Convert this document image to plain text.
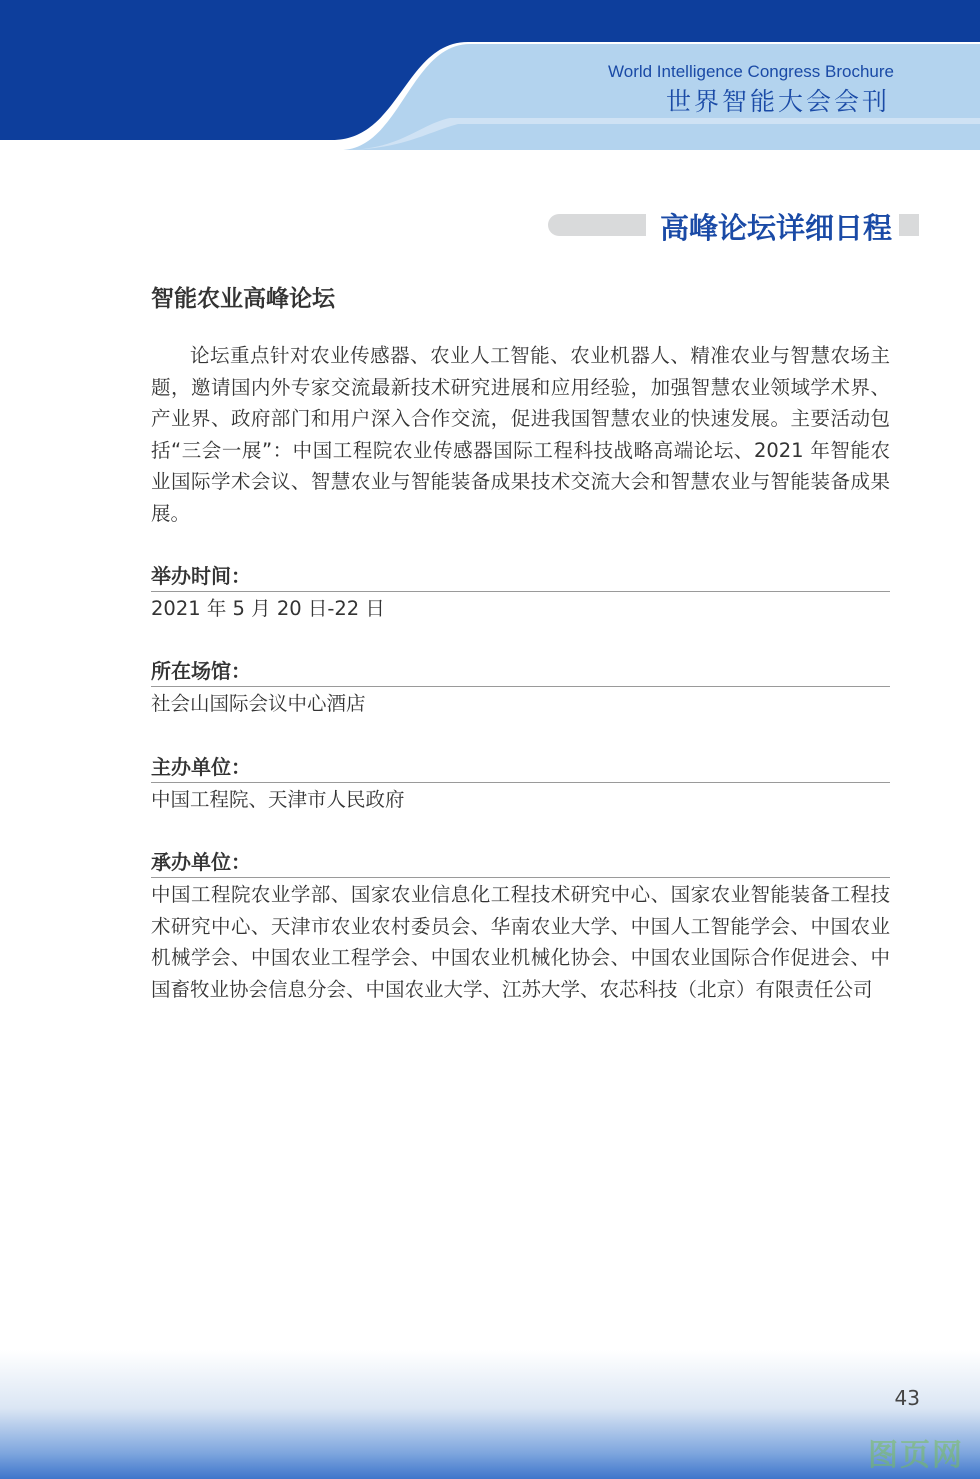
World Intelligence Congress Brochure
世界智能大会会刊
高峰论坛详细日程
智能农业高峰论坛

论坛重点针对农业传感器、农业人工智能、农业机器人、精准农业与智慧农场主题，邀请国内外专家交流最新技术研究进展和应用经验，加强智慧农业领域学术界、产业界、政府部门和用户深入合作交流，促进我国智慧农业的快速发展。主要活动包括“三会一展”：中国工程院农业传感器国际工程科技战略高端论坛、2021 年智能农业国际学术会议、智慧农业与智能装备成果技术交流大会和智慧农业与智能装备成果展。

举办时间：
2021 年 5 月 20 日-22 日
所在场馆：
社会山国际会议中心酒店
主办单位：
中国工程院、天津市人民政府
承办单位：
中国工程院农业学部、国家农业信息化工程技术研究中心、国家农业智能装备工程技术研究中心、天津市农业农村委员会、华南农业大学、中国人工智能学会、中国农业机械学会、中国农业工程学会、中国农业机械化协会、中国农业国际合作促进会、中国畜牧业协会信息分会、中国农业大学、江苏大学、农芯科技（北京）有限责任公司
43
图页网
